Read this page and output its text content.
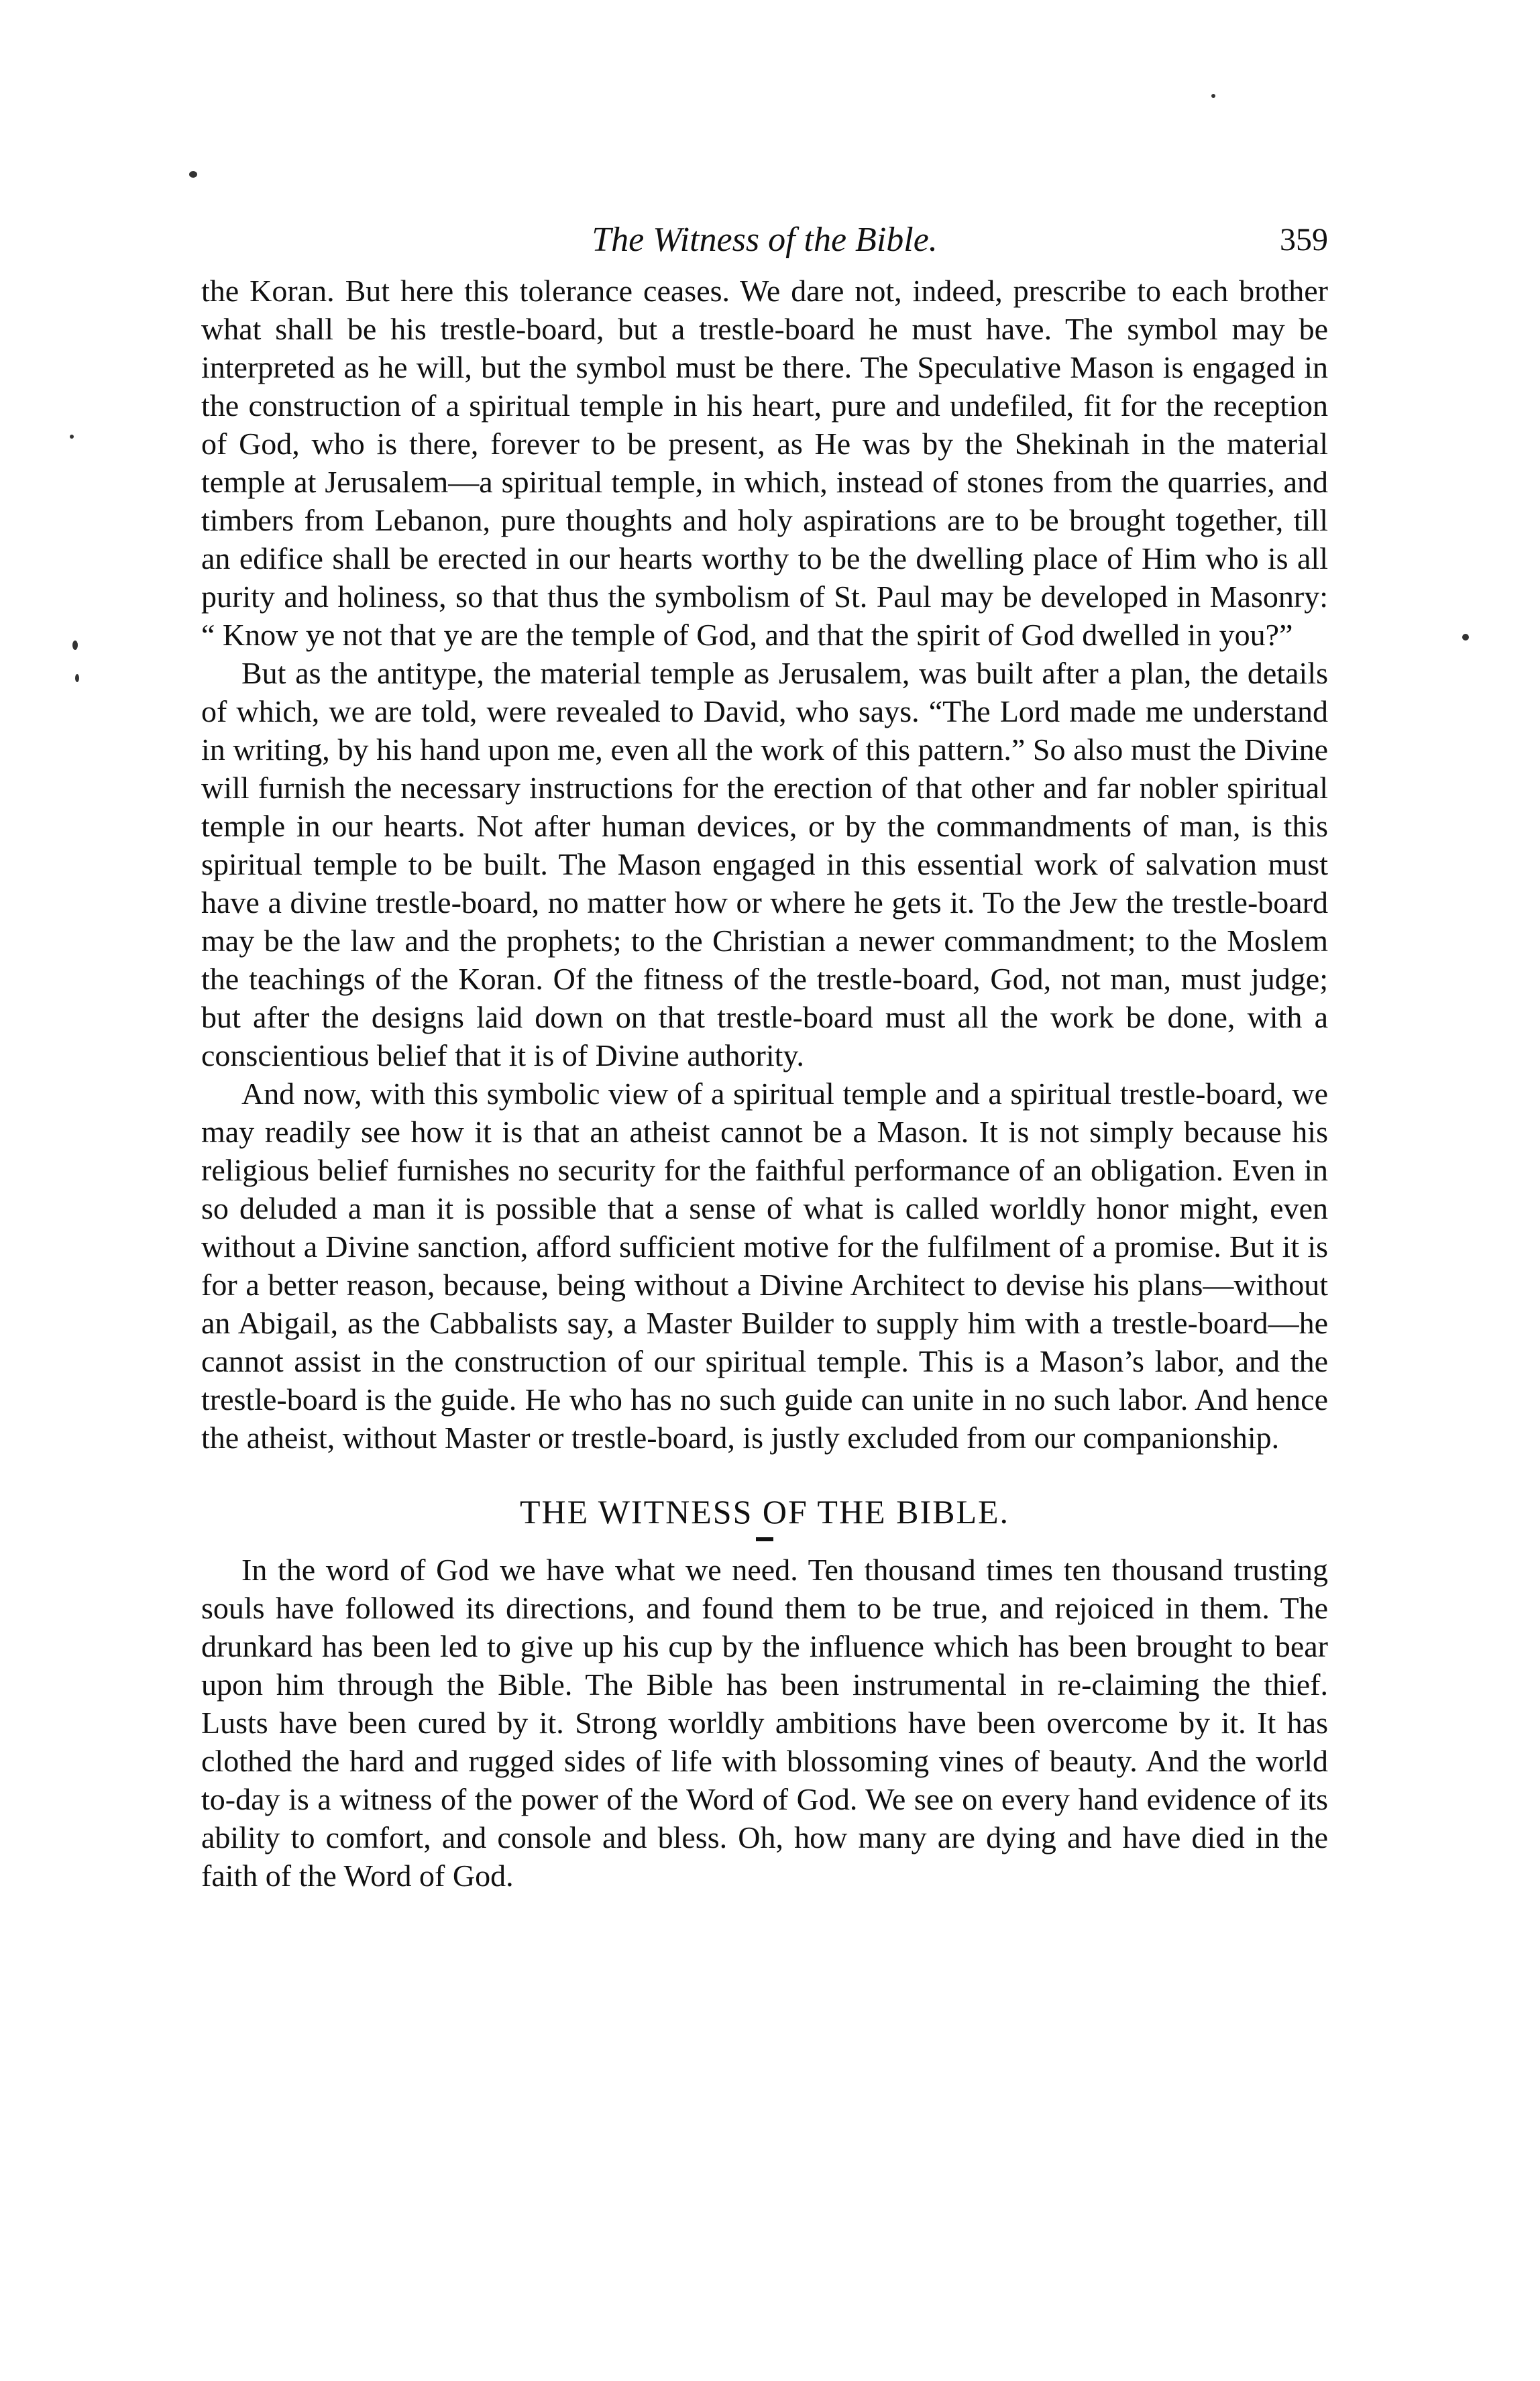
The Witness of the Bible.	359

the Koran. But here this tolerance ceases. We dare not, indeed, prescribe to each brother what shall be his trestle-board, but a trestle-board he must have. The symbol may be interpreted as he will, but the symbol must be there. The Speculative Mason is engaged in the construction of a spiritual temple in his heart, pure and undefiled, fit for the reception of God, who is there, forever to be present, as He was by the Shekinah in the material temple at Jerusalem—a spiritual temple, in which, instead of stones from the quarries, and timbers from Lebanon, pure thoughts and holy aspirations are to be brought together, till an edifice shall be erected in our hearts worthy to be the dwelling place of Him who is all purity and holiness, so that thus the symbolism of St. Paul may be developed in Masonry: “ Know ye not that ye are the temple of God, and that the spirit of God dwelled in you?”

But as the antitype, the material temple as Jerusalem, was built after a plan, the details of which, we are told, were revealed to David, who says. “The Lord made me understand in writing, by his hand upon me, even all the work of this pattern.” So also must the Divine will furnish the necessary instructions for the erection of that other and far nobler spiritual temple in our hearts. Not after human devices, or by the commandments of man, is this spiritual temple to be built. The Mason engaged in this essential work of salvation must have a divine trestle-board, no matter how or where he gets it. To the Jew the trestle-board may be the law and the prophets; to the Christian a newer commandment; to the Moslem the teachings of the Koran. Of the fitness of the trestle-board, God, not man, must judge; but after the designs laid down on that trestle-board must all the work be done, with a conscientious belief that it is of Divine authority.

And now, with this symbolic view of a spiritual temple and a spiritual trestle-board, we may readily see how it is that an atheist cannot be a Mason. It is not simply because his religious belief furnishes no security for the faithful performance of an obligation. Even in so deluded a man it is possible that a sense of what is called worldly honor might, even without a Divine sanction, afford sufficient motive for the fulfilment of a promise. But it is for a better reason, because, being without a Divine Architect to devise his plans—without an Abigail, as the Cabbalists say, a Master Builder to supply him with a trestle-board—he cannot assist in the construction of our spiritual temple. This is a Mason’s labor, and the trestle-board is the guide. He who has no such guide can unite in no such labor. And hence the atheist, without Master or trestle-board, is justly excluded from our companionship.

THE WITNESS OF THE BIBLE.

In the word of God we have what we need. Ten thousand times ten thousand trusting souls have followed its directions, and found them to be true, and rejoiced in them. The drunkard has been led to give up his cup by the influence which has been brought to bear upon him through the Bible. The Bible has been instrumental in re-claiming the thief. Lusts have been cured by it. Strong worldly ambitions have been overcome by it. It has clothed the hard and rugged sides of life with blossoming vines of beauty. And the world to-day is a witness of the power of the Word of God. We see on every hand evidence of its ability to comfort, and console and bless. Oh, how many are dying and have died in the faith of the Word of God.
